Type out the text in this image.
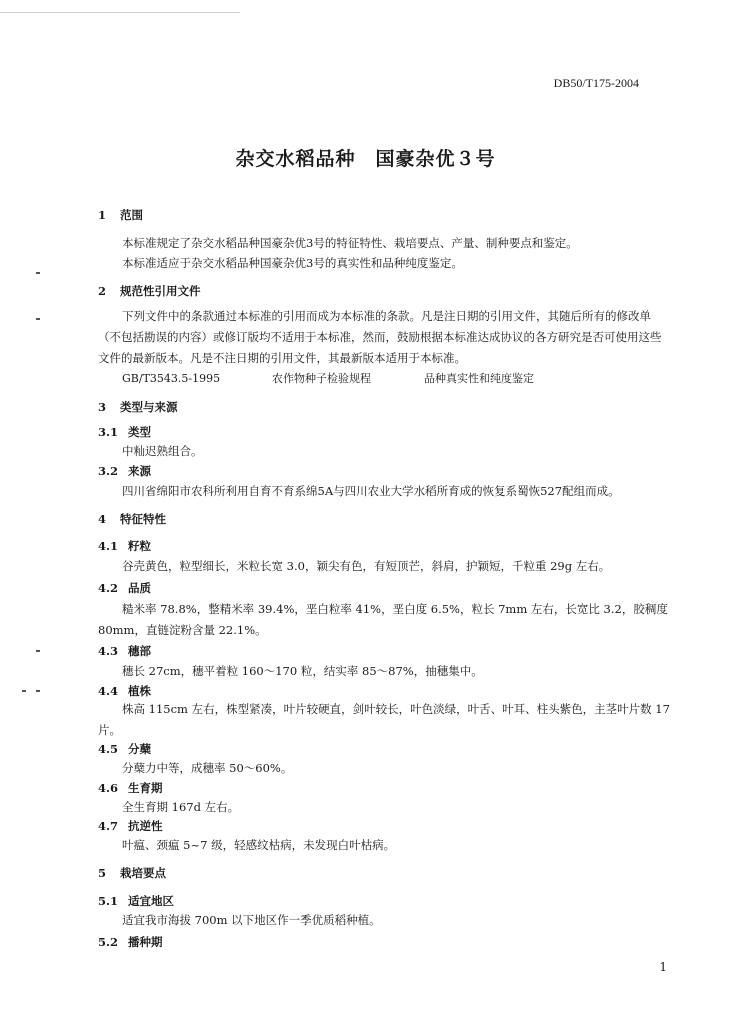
DB50/T175-2004
杂交水稻品种　国豪杂优３号
1 范围
本标准规定了杂交水稻品种国豪杂优3号的特征特性、栽培要点、产量、制种要点和鉴定。
本标准适应于杂交水稻品种国豪杂优3号的真实性和品种纯度鉴定。
2 规范性引用文件
下列文件中的条款通过本标准的引用而成为本标准的条款。凡是注日期的引用文件，其随后所有的修改单（不包括勘误的内容）或修订版均不适用于本标准，然而，鼓励根据本标准达成协议的各方研究是否可使用这些文件的最新版本。凡是不注日期的引用文件，其最新版本适用于本标准。
GB/T3543.5-1995	农作物种子检验规程	品种真实性和纯度鉴定
3 类型与来源
3.1 类型
中籼迟熟组合。
3.2 来源
四川省绵阳市农科所利用自育不育系绵5A与四川农业大学水稻所育成的恢复系蜀恢527配组而成。
4 特征特性
4.1 籽粒
谷壳黄色，粒型细长，米粒长宽 3.0，颖尖有色，有短顶芒，斜肩，护颖短，千粒重 29g 左右。
4.2 品质
糙米率 78.8%，整精米率 39.4%，垩白粒率 41%，垩白度 6.5%，粒长 7mm 左右，长宽比 3.2，胶稠度 80mm，直链淀粉含量 22.1%。
4.3 穗部
穗长 27cm，穗平着粒 160～170 粒，结实率 85～87%，抽穗集中。
4.4 植株
株高 115cm 左右，株型紧凑，叶片较硬直，剑叶较长，叶色淡绿，叶舌、叶耳、柱头紫色，主茎叶片数 17 片。
4.5 分蘖
分蘖力中等，成穗率 50～60%。
4.6 生育期
全生育期 167d 左右。
4.7 抗逆性
叶瘟、颈瘟 5~7 级，轻感纹枯病，未发现白叶枯病。
5 栽培要点
5.1 适宜地区
适宜我市海拔 700m 以下地区作一季优质稻种植。
5.2 播种期
1
